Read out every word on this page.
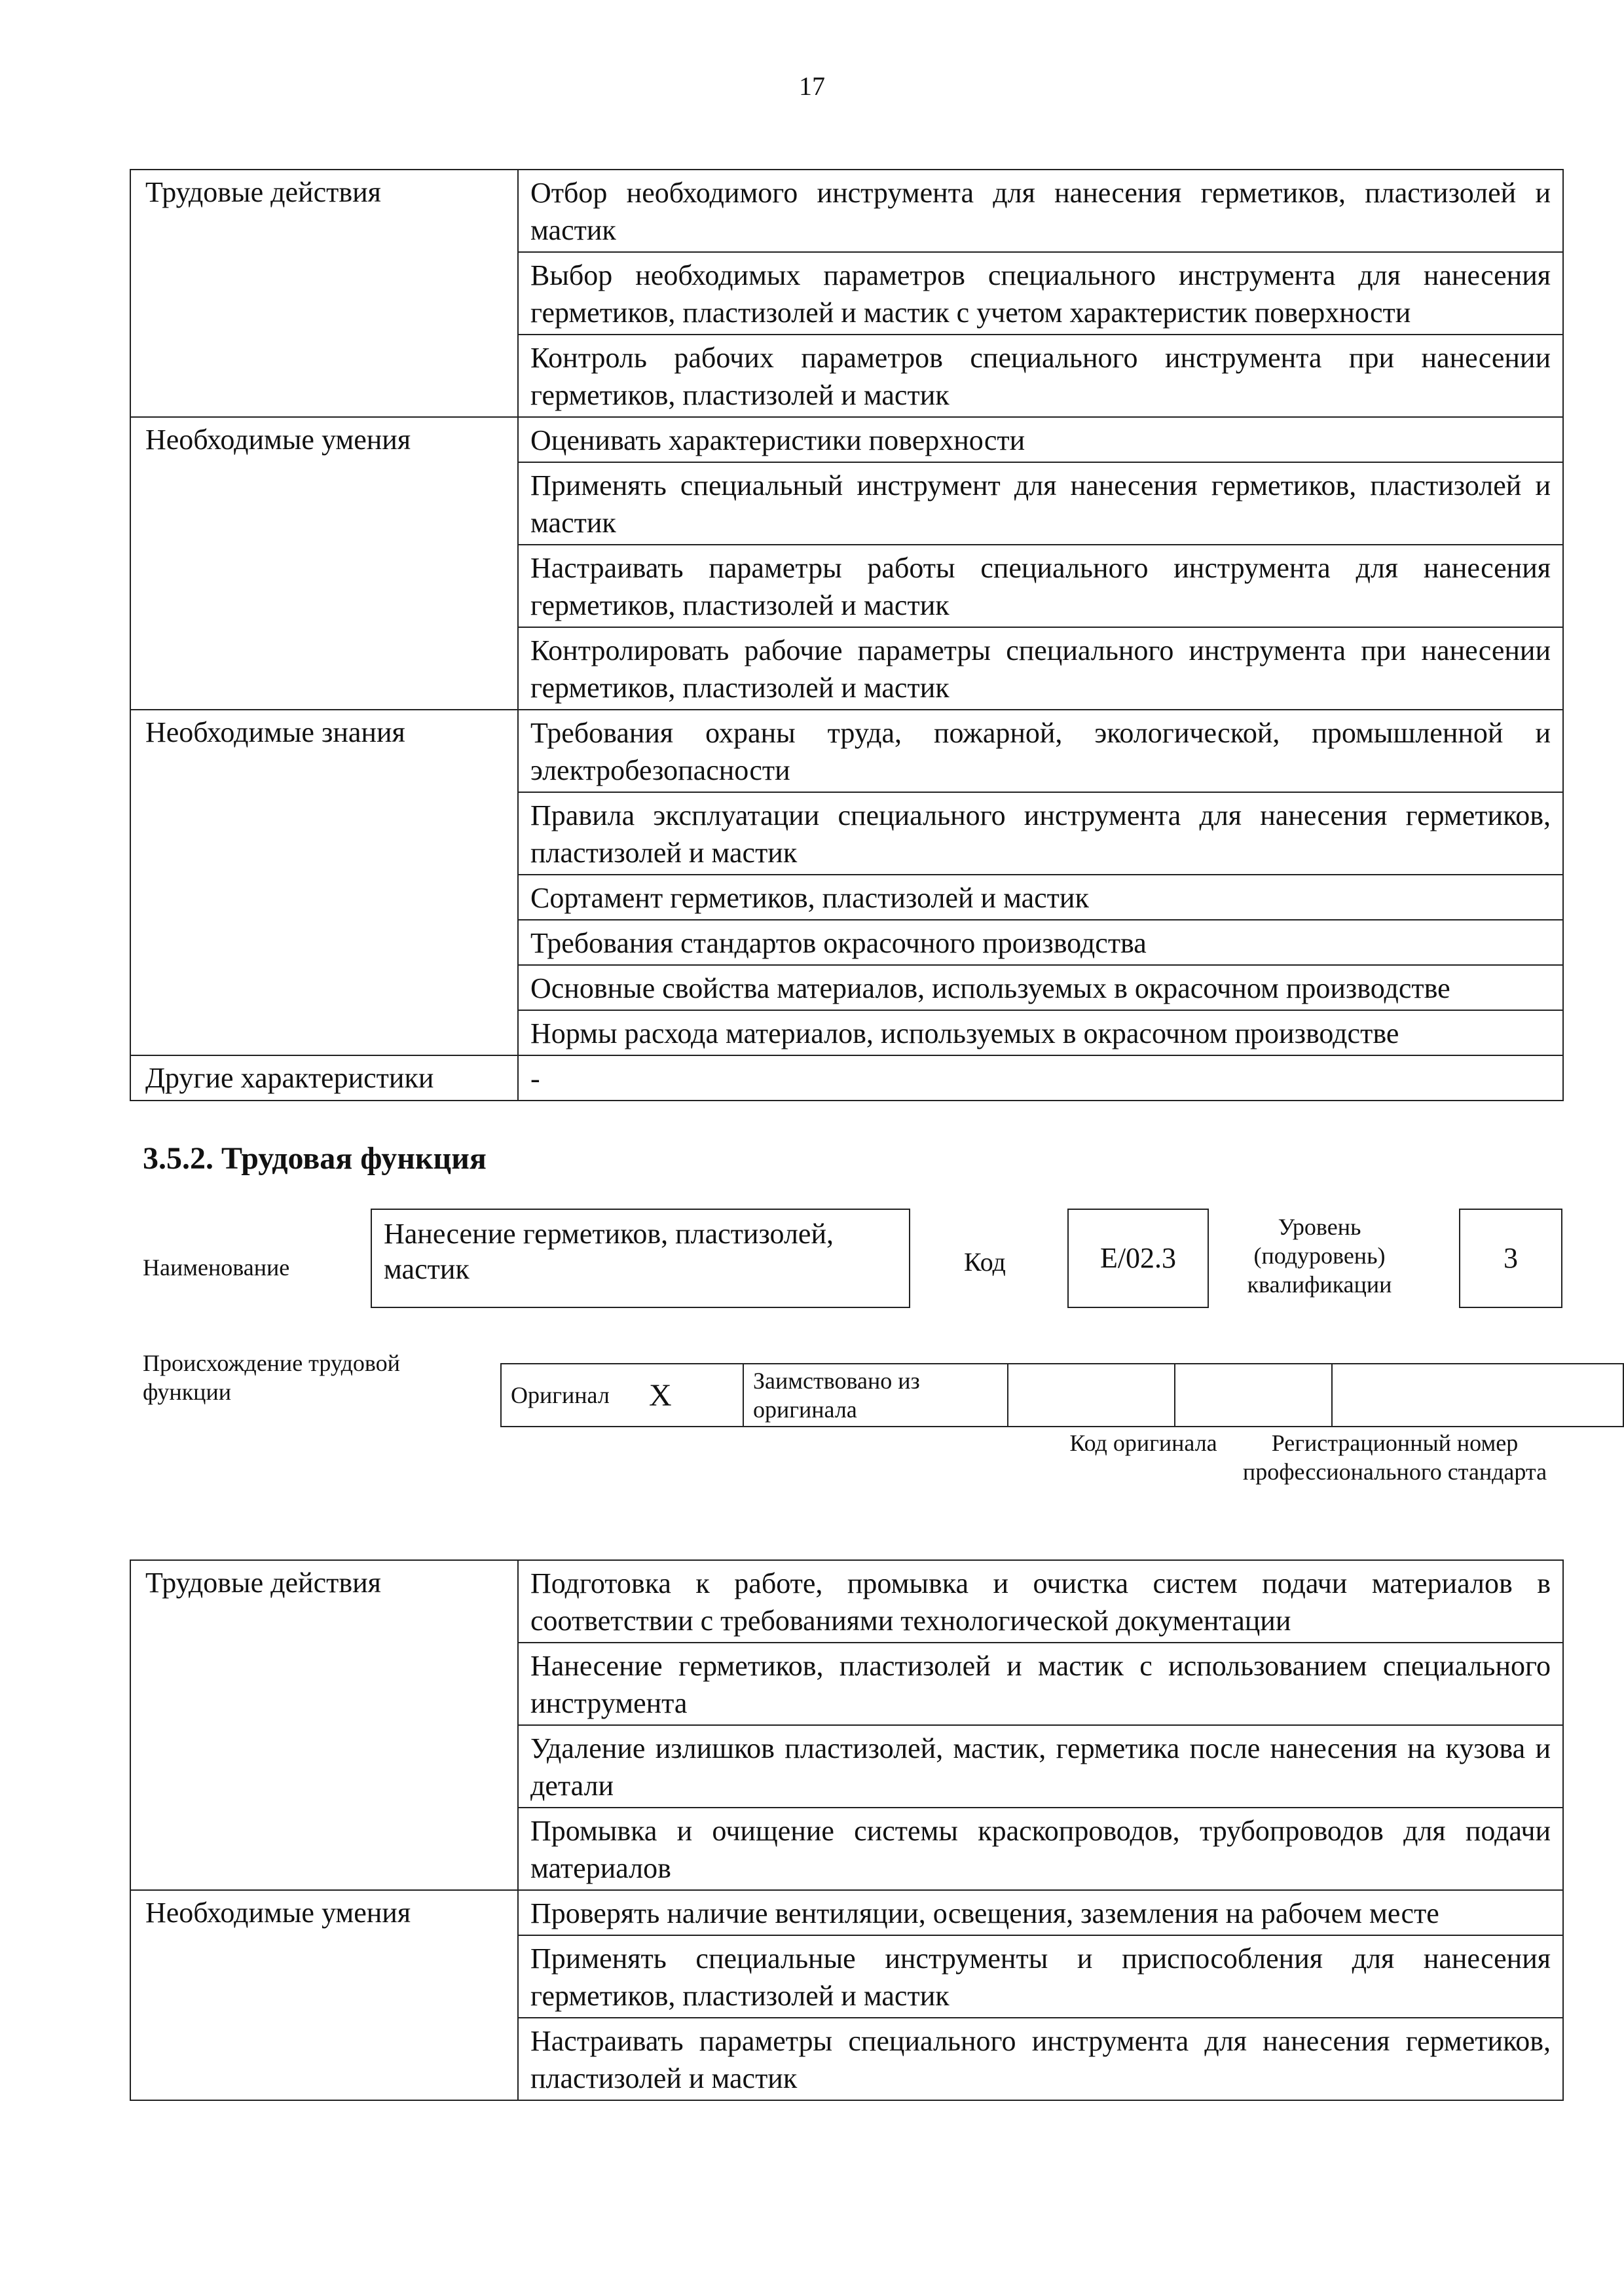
17
Трудовые действия	Отбор необходимого инструмента для нанесения герметиков, пластизолей и мастик
	Выбор необходимых параметров специального инструмента для нанесения герметиков, пластизолей и мастик с учетом характеристик поверхности
	Контроль рабочих параметров специального инструмента при нанесении герметиков, пластизолей и мастик
Необходимые умения	Оценивать характеристики поверхности
	Применять специальный инструмент для нанесения герметиков, пластизолей и мастик
	Настраивать параметры работы специального инструмента для нанесения герметиков, пластизолей и мастик
	Контролировать рабочие параметры специального инструмента при нанесении герметиков, пластизолей и мастик
Необходимые знания	Требования охраны труда, пожарной, экологической, промышленной и электробезопасности
	Правила эксплуатации специального инструмента для нанесения герметиков, пластизолей и мастик
	Сортамент герметиков, пластизолей и мастик
	Требования стандартов окрасочного производства
	Основные свойства материалов, используемых в окрасочном производстве
	Нормы расхода материалов, используемых в окрасочном производстве
Другие характеристики	-
3.5.2. Трудовая функция
Наименование
Нанесение герметиков, пластизолей, мастик	Код	E/02.3
Уровень (подуровень) квалификации
3
Происхождение трудовой функции	Оригинал	X	Заимствовано из оригинала			
Код оригинала	Регистрационный номер профессионального стандарта
Трудовые действия	Подготовка к работе, промывка и очистка систем подачи материалов в соответствии с требованиями технологической документации
	Нанесение герметиков, пластизолей и мастик с использованием специального инструмента
	Удаление излишков пластизолей, мастик, герметика после нанесения на кузова и детали
	Промывка и очищение системы краскопроводов, трубопроводов для подачи материалов
Необходимые умения	Проверять наличие вентиляции, освещения, заземления на рабочем месте
	Применять специальные инструменты и приспособления для нанесения герметиков, пластизолей и мастик
	Настраивать параметры специального инструмента для нанесения герметиков, пластизолей и мастик
